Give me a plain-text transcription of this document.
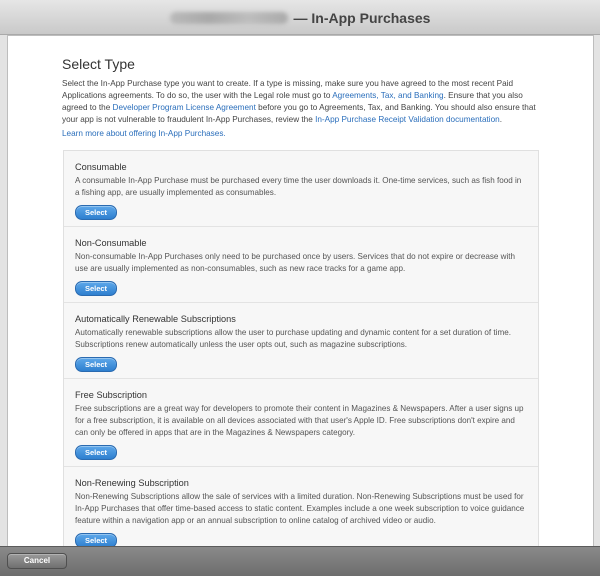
— In-App Purchases
Select Type
Select the In-App Purchase type you want to create. If a type is missing, make sure you have agreed to the most recent Paid Applications agreements. To do so, the user with the Legal role must go to Agreements, Tax, and Banking. Ensure that you also agreed to the Developer Program License Agreement before you go to Agreements, Tax, and Banking. You should also ensure that your app is not vulnerable to fraudulent In-App Purchases, review the In-App Purchase Receipt Validation documentation.
Learn more about offering In-App Purchases.
Consumable

A consumable In-App Purchase must be purchased every time the user downloads it. One-time services, such as fish food in a fishing app, are usually implemented as consumables.

Select
Non-Consumable

Non-consumable In-App Purchases only need to be purchased once by users. Services that do not expire or decrease with use are usually implemented as non-consumables, such as new race tracks for a game app.

Select
Automatically Renewable Subscriptions

Automatically renewable subscriptions allow the user to purchase updating and dynamic content for a set duration of time. Subscriptions renew automatically unless the user opts out, such as magazine subscriptions.

Select
Free Subscription

Free subscriptions are a great way for developers to promote their content in Magazines & Newspapers. After a user signs up for a free subscription, it is available on all devices associated with that user's Apple ID. Free subscriptions don't expire and can only be offered in apps that are in the Magazines & Newspapers category.

Select
Non-Renewing Subscription

Non-Renewing Subscriptions allow the sale of services with a limited duration. Non-Renewing Subscriptions must be used for In-App Purchases that offer time-based access to static content. Examples include a one week subscription to voice guidance feature within a navigation app or an annual subscription to online catalog of archived video or audio.

Select
Cancel
